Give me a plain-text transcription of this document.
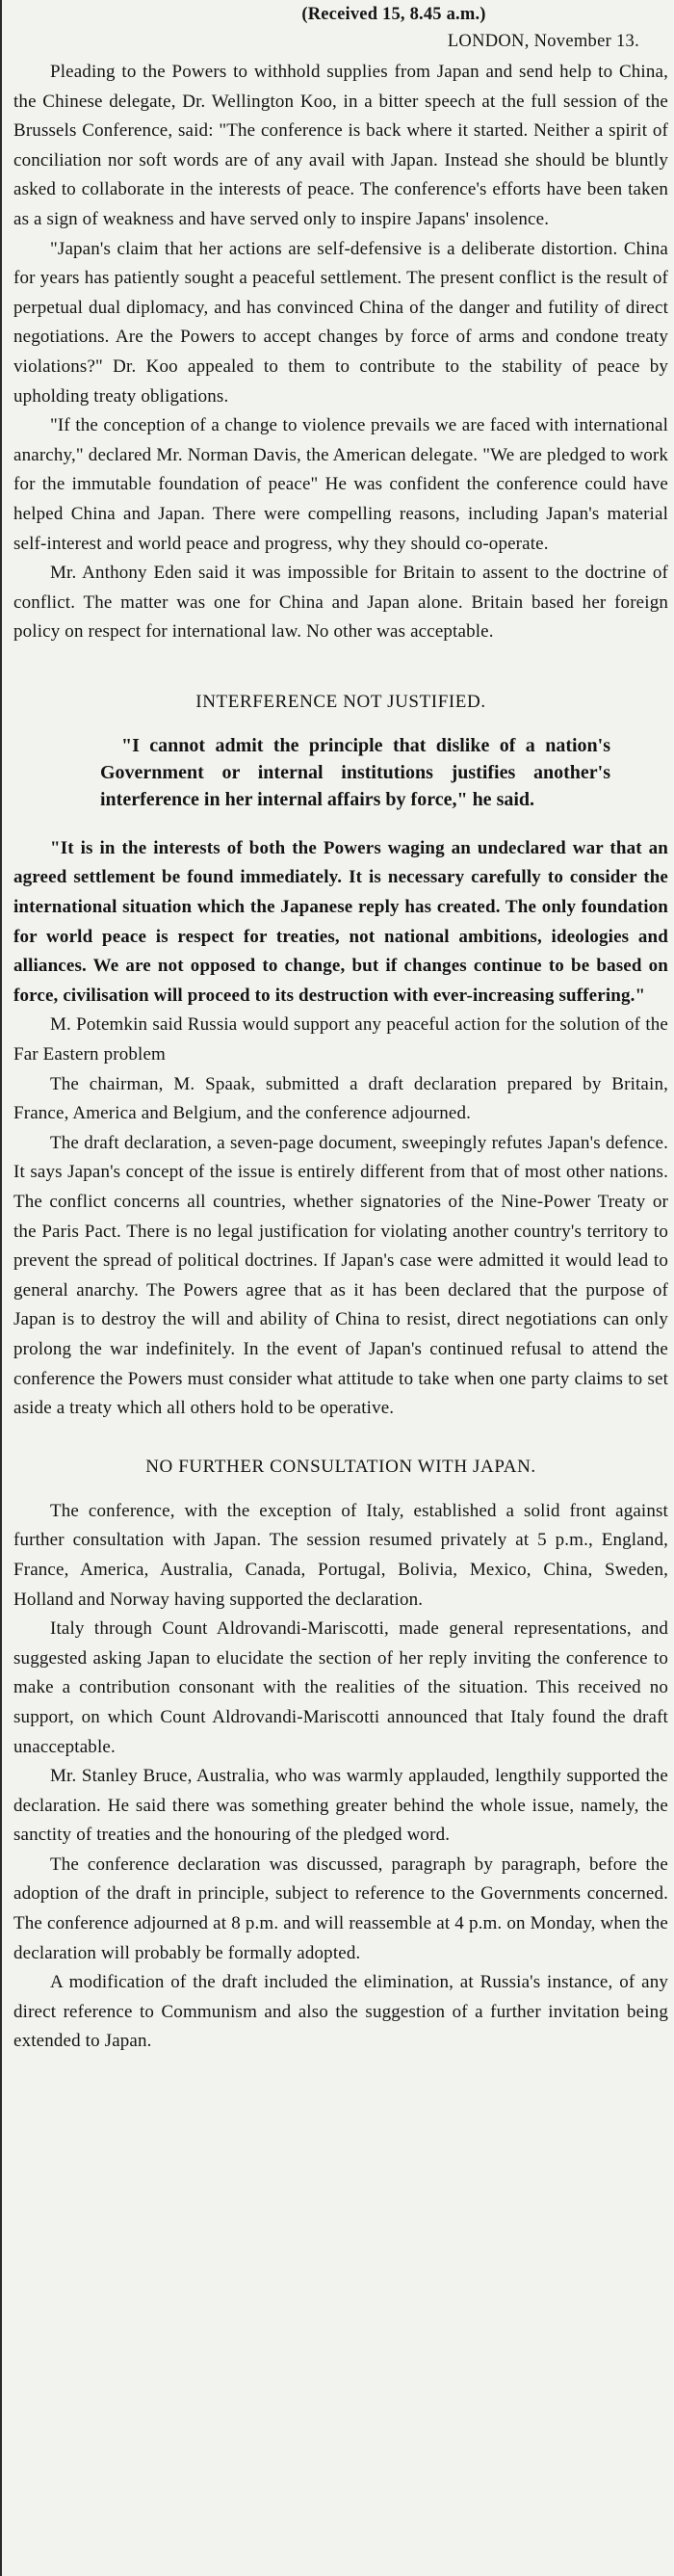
(Received 15, 8.45 a.m.)

LONDON, November 13.

Pleading to the Powers to withhold supplies from Japan and send help to China, the Chinese delegate, Dr. Wellington Koo, in a bitter speech at the full session of the Brussels Conference, said: "The conference is back where it started. Neither a spirit of conciliation nor soft words are of any avail with Japan. Instead she should be bluntly asked to collaborate in the interests of peace. The conference's efforts have been taken as a sign of weakness and have served only to inspire Japans' insolence.

"Japan's claim that her actions are self-defensive is a deliberate distortion. China for years has patiently sought a peaceful settlement. The present conflict is the result of perpetual dual diplomacy, and has convinced China of the danger and futility of direct negotiations. Are the Powers to accept changes by force of arms and condone treaty violations?" Dr. Koo appealed to them to contribute to the stability of peace by upholding treaty obligations.

"If the conception of a change to violence prevails we are faced with international anarchy," declared Mr. Norman Davis, the American delegate. "We are pledged to work for the immutable foundation of peace" He was confident the conference could have helped China and Japan. There were compelling reasons, including Japan's material self-interest and world peace and progress, why they should co-operate.

Mr. Anthony Eden said it was impossible for Britain to assent to the doctrine of conflict. The matter was one for China and Japan alone. Britain based her foreign policy on respect for international law. No other was acceptable.

INTERFERENCE NOT JUSTIFIED.

"I cannot admit the principle that dislike of a nation's Government or internal institutions justifies another's interference in her internal affairs by force," he said.

"It is in the interests of both the Powers waging an undeclared war that an agreed settlement be found immediately. It is necessary carefully to consider the international situation which the Japanese reply has created. The only foundation for world peace is respect for treaties, not national ambitions, ideologies and alliances. We are not opposed to change, but if changes continue to be based on force, civilisation will proceed to its destruction with ever-increasing suffering."

M. Potemkin said Russia would support any peaceful action for the solution of the Far Eastern problem

The chairman, M. Spaak, submitted a draft declaration prepared by Britain, France, America and Belgium, and the conference adjourned.

The draft declaration, a seven-page document, sweepingly refutes Japan's defence. It says Japan's concept of the issue is entirely different from that of most other nations. The conflict concerns all countries, whether signatories of the Nine-Power Treaty or the Paris Pact. There is no legal justification for violating another country's territory to prevent the spread of political doctrines. If Japan's case were admitted it would lead to general anarchy. The Powers agree that as it has been declared that the purpose of Japan is to destroy the will and ability of China to resist, direct negotiations can only prolong the war indefinitely. In the event of Japan's continued refusal to attend the conference the Powers must consider what attitude to take when one party claims to set aside a treaty which all others hold to be operative.

NO FURTHER CONSULTATION WITH JAPAN.

The conference, with the exception of Italy, established a solid front against further consultation with Japan. The session resumed privately at 5 p.m., England, France, America, Australia, Canada, Portugal, Bolivia, Mexico, China, Sweden, Holland and Norway having supported the declaration.

Italy through Count Aldrovandi-Mariscotti, made general representations, and suggested asking Japan to elucidate the section of her reply inviting the conference to make a contribution consonant with the realities of the situation. This received no support, on which Count Aldrovandi-Mariscotti announced that Italy found the draft unacceptable.

Mr. Stanley Bruce, Australia, who was warmly applauded, lengthily supported the declaration. He said there was something greater behind the whole issue, namely, the sanctity of treaties and the honouring of the pledged word.

The conference declaration was discussed, paragraph by paragraph, before the adoption of the draft in principle, subject to reference to the Governments concerned. The conference adjourned at 8 p.m. and will reassemble at 4 p.m. on Monday, when the declaration will probably be formally adopted.

A modification of the draft included the elimination, at Russia's instance, of any direct reference to Communism and also the suggestion of a further invitation being extended to Japan.
